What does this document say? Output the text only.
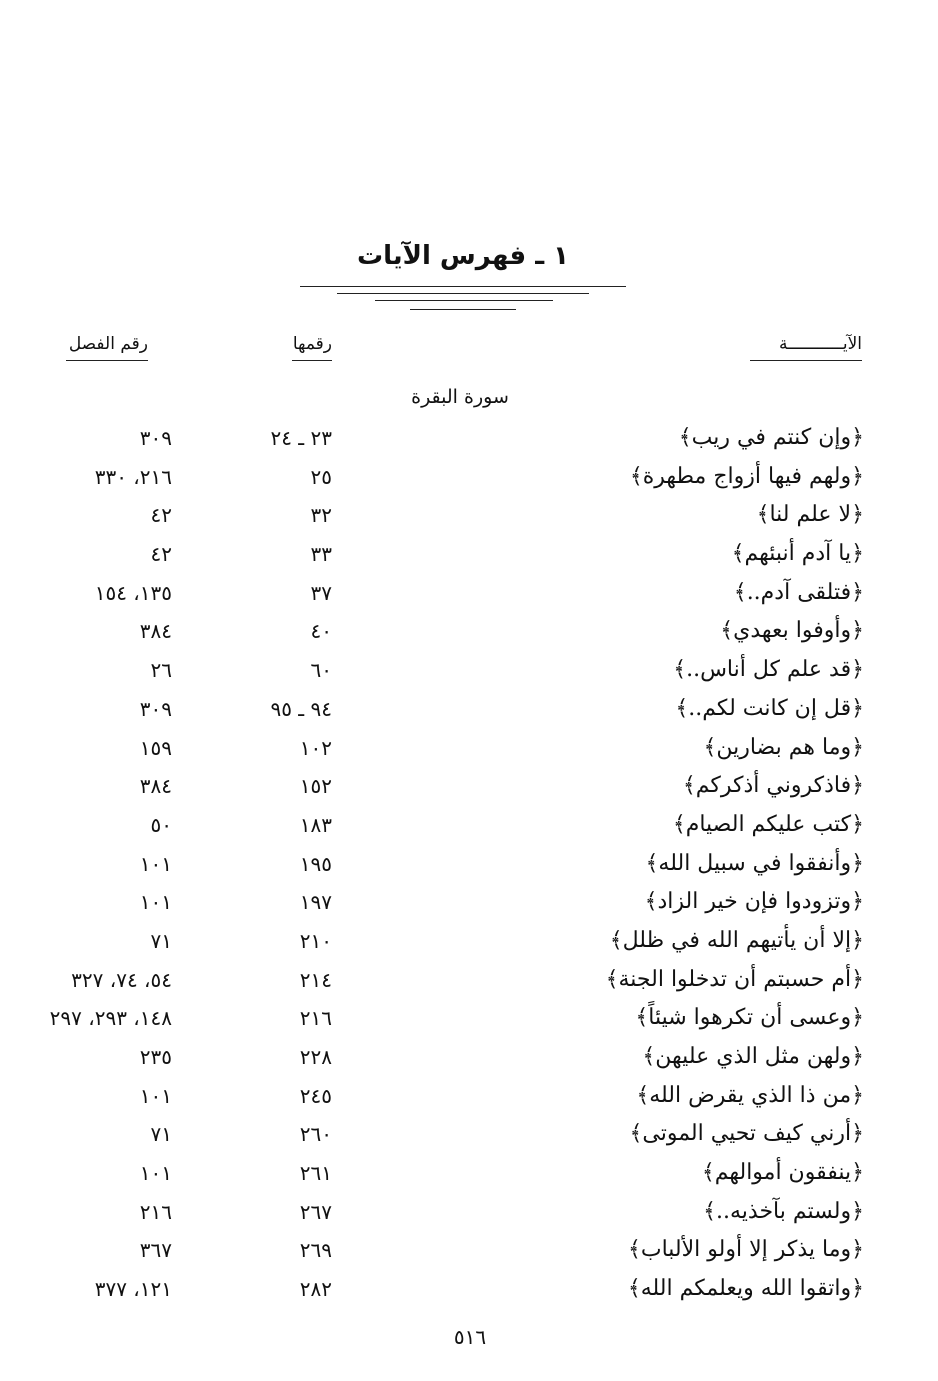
١ ـ فهرس الآيات
الآيـــــــــــة
رقمها
رقم الفصل
سورة البقرة
﴿وإن كنتم في ريب﴾
٢٣ ـ ٢٤
٣٠٩
﴿ولهم فيها أزواج مطهرة﴾
٢٥
٢١٦، ٣٣٠
﴿لا علم لنا﴾
٣٢
٤٢
﴿يا آدم أنبئهم﴾
٣٣
٤٢
﴿فتلقى آدم..﴾
٣٧
١٣٥، ١٥٤
﴿وأوفوا بعهدي﴾
٤٠
٣٨٤
﴿قد علم كل أناس..﴾
٦٠
٢٦
﴿قل إن كانت لكم..﴾
٩٤ ـ ٩٥
٣٠٩
﴿وما هم بضارين﴾
١٠٢
١٥٩
﴿فاذكروني أذكركم﴾
١٥٢
٣٨٤
﴿كتب عليكم الصيام﴾
١٨٣
٥٠
﴿وأنفقوا في سبيل الله﴾
١٩٥
١٠١
﴿وتزودوا فإن خير الزاد﴾
١٩٧
١٠١
﴿إلا أن يأتيهم الله في ظلل﴾
٢١٠
٧١
﴿أم حسبتم أن تدخلوا الجنة﴾
٢١٤
٥٤، ٧٤، ٣٢٧
﴿وعسى أن تكرهوا شيئاً﴾
٢١٦
١٤٨، ٢٩٣، ٢٩٧
﴿ولهن مثل الذي عليهن﴾
٢٢٨
٢٣٥
﴿من ذا الذي يقرض الله﴾
٢٤٥
١٠١
﴿أرني كيف تحيي الموتى﴾
٢٦٠
٧١
﴿ينفقون أموالهم﴾
٢٦١
١٠١
﴿ولستم بآخذيه..﴾
٢٦٧
٢١٦
﴿وما يذكر إلا أولو الألباب﴾
٢٦٩
٣٦٧
﴿واتقوا الله ويعلمكم الله﴾
٢٨٢
١٢١، ٣٧٧
٥١٦
